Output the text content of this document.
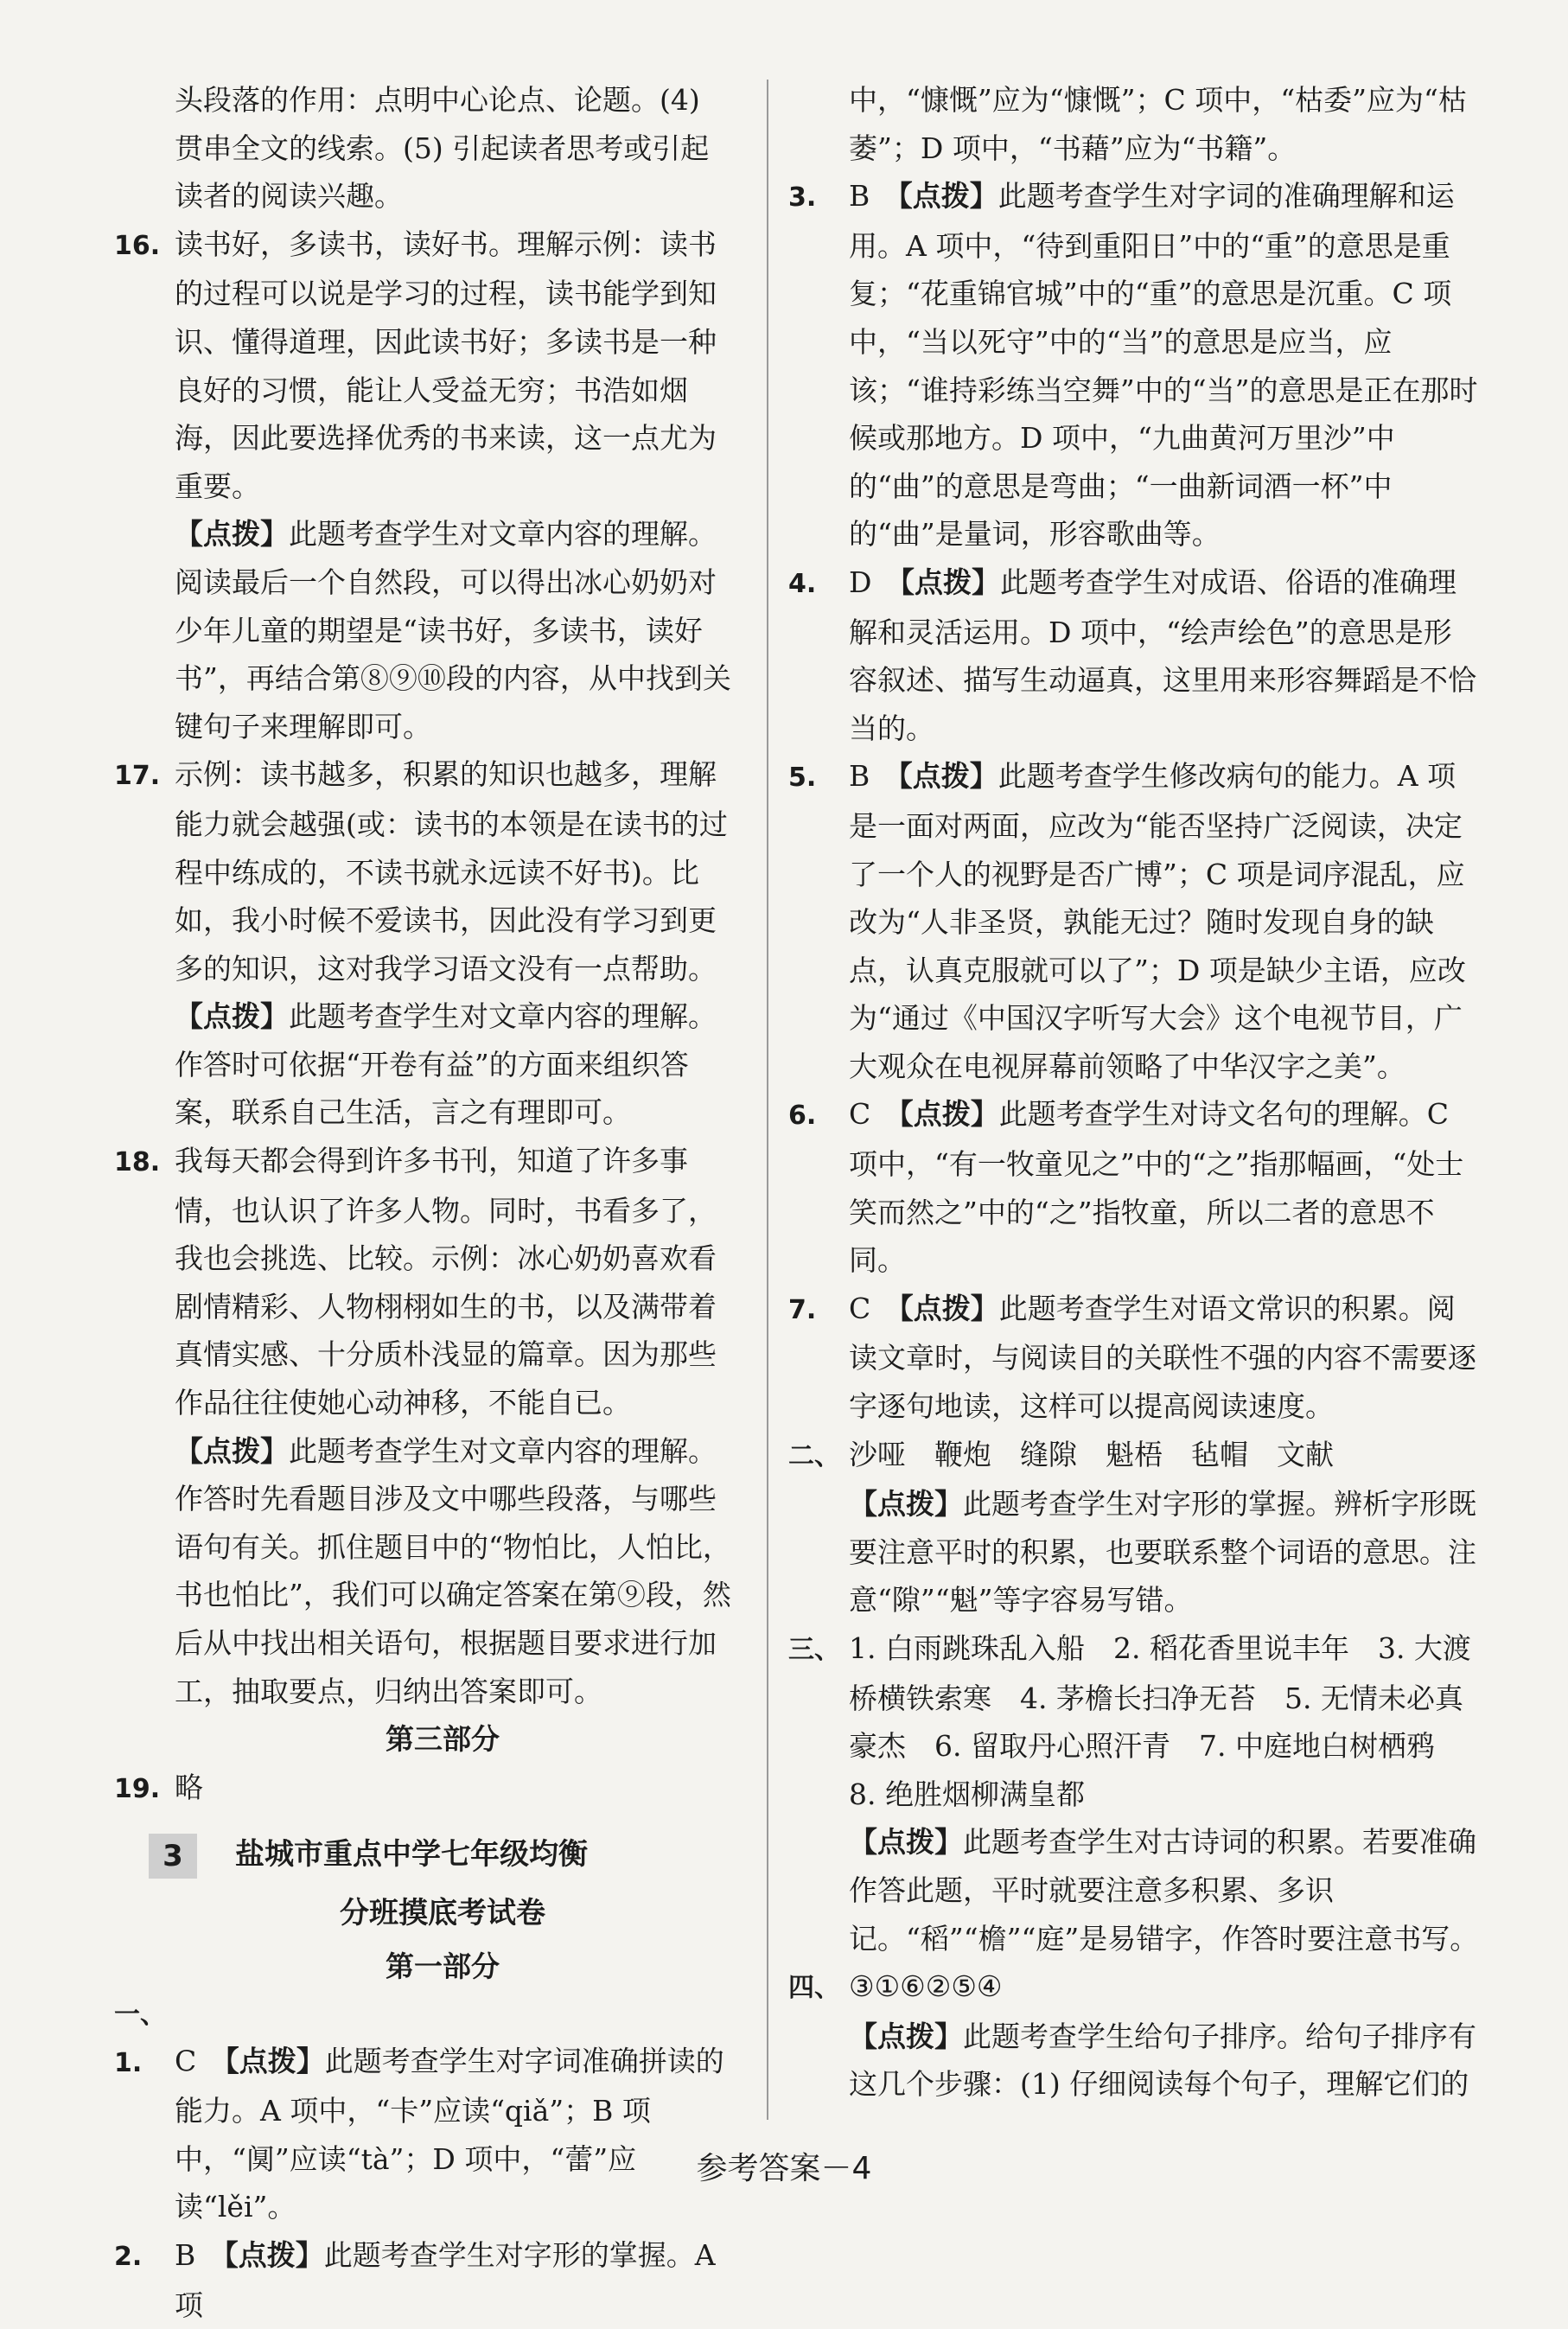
头段落的作用：点明中心论点、论题。(4) 贯串全文的线索。(5) 引起读者思考或引起读者的阅读兴趣。

16. 读书好，多读书，读好书。理解示例：读书的过程可以说是学习的过程，读书能学到知识、懂得道理，因此读书好；多读书是一种良好的习惯，能让人受益无穷；书浩如烟海，因此要选择优秀的书来读，这一点尤为重要。

【点拨】此题考查学生对文章内容的理解。阅读最后一个自然段，可以得出冰心奶奶对少年儿童的期望是“读书好，多读书，读好书”，再结合第⑧⑨⑩段的内容，从中找到关键句子来理解即可。

17. 示例：读书越多，积累的知识也越多，理解能力就会越强(或：读书的本领是在读书的过程中练成的，不读书就永远读不好书)。比如，我小时候不爱读书，因此没有学习到更多的知识，这对我学习语文没有一点帮助。

【点拨】此题考查学生对文章内容的理解。作答时可依据“开卷有益”的方面来组织答案，联系自己生活，言之有理即可。

18. 我每天都会得到许多书刊，知道了许多事情，也认识了许多人物。同时，书看多了，我也会挑选、比较。示例：冰心奶奶喜欢看剧情精彩、人物栩栩如生的书，以及满带着真情实感、十分质朴浅显的篇章。因为那些作品往往使她心动神移，不能自已。

【点拨】此题考查学生对文章内容的理解。作答时先看题目涉及文中哪些段落，与哪些语句有关。抓住题目中的“物怕比，人怕比，书也怕比”，我们可以确定答案在第⑨段，然后从中找出相关语句，根据题目要求进行加工，抽取要点，归纳出答案即可。

第三部分

19. 略

3 盐城市重点中学七年级均衡
分班摸底考试卷

第一部分

一、1. C　 【点拨】此题考查学生对字词准确拼读的能力。A 项中，“卡”应读“qiǎ”；B 项中，“阒”应读“tà”；D 项中，“蕾”应读“lěi”。

2. B　 【点拨】此题考查学生对字形的掌握。A 项

中，“慷慨”应为“慷慨”；C 项中，“枯委”应为“枯萎”；D 项中，“书藉”应为“书籍”。

3. B　 【点拨】此题考查学生对字词的准确理解和运用。A 项中，“待到重阳日”中的“重”的意思是重复；“花重锦官城”中的“重”的意思是沉重。C 项中，“当以死守”中的“当”的意思是应当，应该；“谁持彩练当空舞”中的“当”的意思是正在那时候或那地方。D 项中，“九曲黄河万里沙”中的“曲”的意思是弯曲；“一曲新词酒一杯”中的“曲”是量词，形容歌曲等。

4. D　 【点拨】此题考查学生对成语、俗语的准确理解和灵活运用。D 项中，“绘声绘色”的意思是形容叙述、描写生动逼真，这里用来形容舞蹈是不恰当的。

5. B　 【点拨】此题考查学生修改病句的能力。A 项是一面对两面，应改为“能否坚持广泛阅读，决定了一个人的视野是否广博”；C 项是词序混乱，应改为“人非圣贤，孰能无过？随时发现自身的缺点，认真克服就可以了”；D 项是缺少主语，应改为“通过《中国汉字听写大会》这个电视节目，广大观众在电视屏幕前领略了中华汉字之美”。

6. C　 【点拨】此题考查学生对诗文名句的理解。C 项中，“有一牧童见之”中的“之”指那幅画，“处士笑而然之”中的“之”指牧童，所以二者的意思不同。

7. C　 【点拨】此题考查学生对语文常识的积累。阅读文章时，与阅读目的关联性不强的内容不需要逐字逐句地读，这样可以提高阅读速度。

二、 沙哑　鞭炮　缝隙　魁梧　毡帽　文献

【点拨】此题考查学生对字形的掌握。辨析字形既要注意平时的积累，也要联系整个词语的意思。注意“隙”“魁”等字容易写错。

三、 1. 白雨跳珠乱入船　2. 稻花香里说丰年　3. 大渡桥横铁索寒　4. 茅檐长扫净无苔　5. 无情未必真豪杰　6. 留取丹心照汗青　7. 中庭地白树栖鸦　8. 绝胜烟柳满皇都

【点拨】此题考查学生对古诗词的积累。若要准确作答此题，平时就要注意多积累、多识记。“稻”“檐”“庭”是易错字，作答时要注意书写。

四、 ③①⑥②⑤④

【点拨】此题考查学生给句子排序。给句子排序有这几个步骤：(1) 仔细阅读每个句子，理解它们的

参考答案－4
